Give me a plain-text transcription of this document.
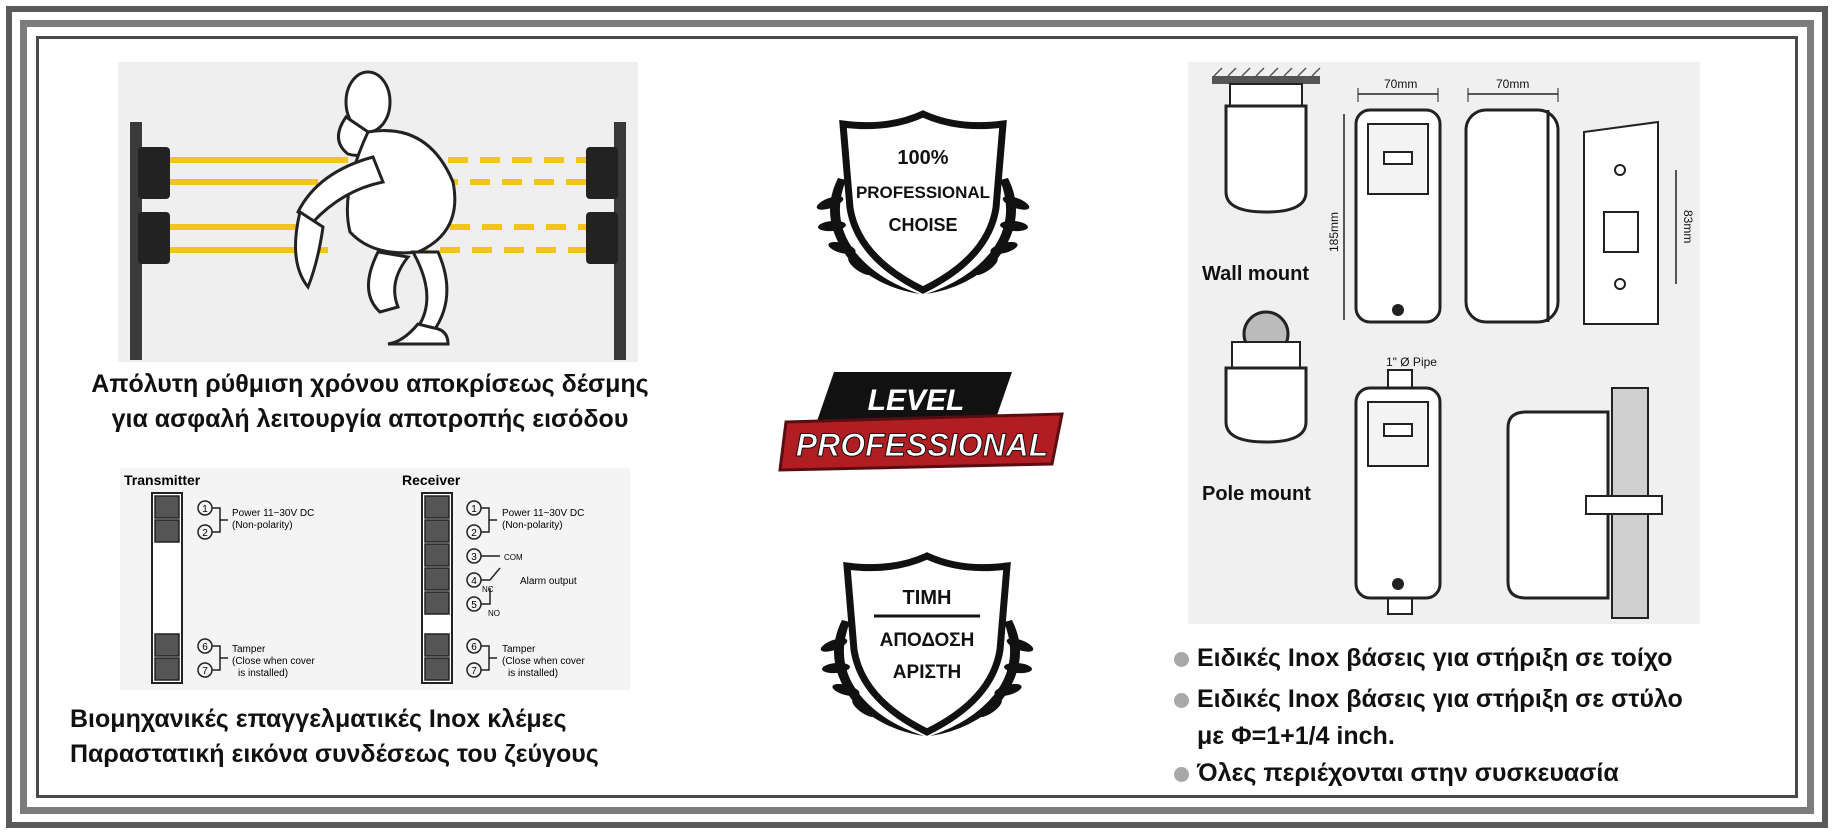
Απόλυτη ρύθμιση χρόνου αποκρίσεως δέσμης
για ασφαλή λειτουργία αποτροπής εισόδου
Transmitter	Receiver
1
2
6
7
Power 11~30V DC
(Non-polarity)
Tamper
(Close when cover
is installed)
1
2
3
4
5
6
7
Power 11~30V DC
(Non-polarity)
COM
NC
NO
Alarm output
Tamper
(Close when cover
is installed)
Βιομηχανικές επαγγελματικές Inox κλέμες
Παραστατική εικόνα συνδέσεως του ζεύγους
100%
PROFESSIONAL
CHOISE
LEVEL
PROFESSIONAL
ΤΙΜΗ
ΑΠΟΔΟΣΗ
ΑΡΙΣΤΗ
Wall mount
70mm
185mm
70mm
83mm
Pole mount
1" Ø Pipe
Ειδικές Inox βάσεις για στήριξη σε τοίχο
Ειδικές Inox βάσεις για στήριξη σε στύλο
με Φ=1+1/4 inch.
Όλες περιέχονται στην συσκευασία
